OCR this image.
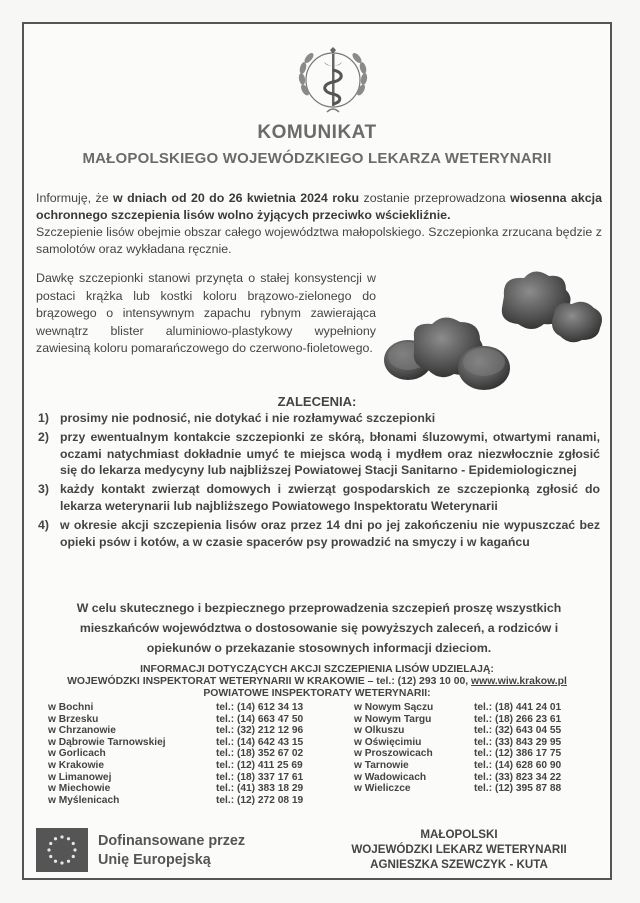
KOMUNIKAT

MAŁOPOLSKIEGO WOJEWÓDZKIEGO LEKARZA WETERYNARII

Informuję, że w dniach od 20 do 26 kwietnia 2024 roku zostanie przeprowadzona wiosenna akcja ochronnego szczepienia lisów wolno żyjących przeciwko wściekliźnie.
Szczepienie lisów obejmie obszar całego województwa małopolskiego. Szczepionka zrzucana będzie z samolotów oraz wykładana ręcznie.

Dawkę szczepionki stanowi przynęta o stałej konsystencji w postaci krążka lub kostki koloru brązowo-zielonego do brązowego o intensywnym zapachu rybnym zawierająca wewnątrz blister aluminiowo-plastykowy wypełniony zawiesiną koloru pomarańczowego do czerwono-fioletowego.

ZALECENIA:

1) prosimy nie podnosić, nie dotykać i nie rozłamywać szczepionki
2) przy ewentualnym kontakcie szczepionki ze skórą, błonami śluzowymi, otwartymi ranami, oczami natychmiast dokładnie umyć te miejsca wodą i mydłem oraz niezwłocznie zgłosić się do lekarza medycyny lub najbliższej Powiatowej Stacji Sanitarno - Epidemiologicznej
3) każdy kontakt zwierząt domowych i zwierząt gospodarskich ze szczepionką zgłosić do lekarza weterynarii lub najbliższego Powiatowego Inspektoratu Weterynarii
4) w okresie akcji szczepienia lisów oraz przez 14 dni po jej zakończeniu nie wypuszczać bez opieki psów i kotów, a w czasie spacerów psy prowadzić na smyczy i w kagańcu

W celu skutecznego i bezpiecznego przeprowadzenia szczepień proszę wszystkich mieszkańców województwa o dostosowanie się powyższych zaleceń, a rodziców i opiekunów o przekazanie stosownych informacji dzieciom.

INFORMACJI DOTYCZĄCYCH AKCJI SZCZEPIENIA LISÓW UDZIELAJĄ:

WOJEWÓDZKI INSPEKTORAT WETERYNARII W KRAKOWIE – tel.: (12) 293 10 00, www.wiw.krakow.pl

POWIATOWE INSPEKTORATY WETERYNARII:

w Bochni
w Brzesku
w Chrzanowie
w Dąbrowie Tarnowskiej
w Gorlicach
w Krakowie
w Limanowej
w Miechowie
w Myślenicach
tel.: (14) 612 34 13
tel.: (14) 663 47 50
tel.: (32) 212 12 96
tel.: (14) 642 43 15
tel.: (18) 352 67 02
tel.: (12) 411 25 69
tel.: (18) 337 17 61
tel.: (41) 383 18 29
tel.: (12) 272 08 19
w Nowym Sączu
w Nowym Targu
w Olkuszu
w Oświęcimiu
w Proszowicach
w Tarnowie
w Wadowicach
w Wieliczce
tel.: (18) 441 24 01
tel.: (18) 266 23 61
tel.: (32) 643 04 55
tel.: (33) 843 29 95
tel.: (12) 386 17 75
tel.: (14) 628 60 90
tel.: (33) 823 34 22
tel.: (12) 395 87 88

Dofinansowane przez
Unię Europejską

MAŁOPOLSKI
WOJEWÓDZKI LEKARZ WETERYNARII
AGNIESZKA SZEWCZYK - KUTA
